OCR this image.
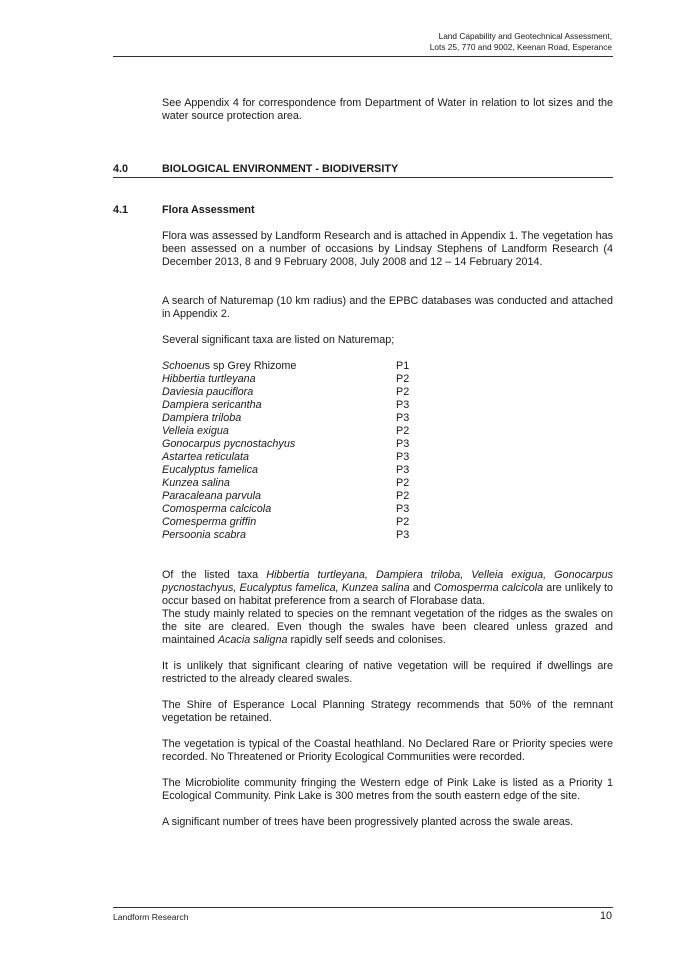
Land Capability and Geotechnical Assessment,
Lots 25, 770 and 9002, Keenan Road, Esperance

See Appendix 4 for correspondence from Department of Water in relation to lot sizes and the water source protection area.

4.0	BIOLOGICAL ENVIRONMENT - BIODIVERSITY
4.1	Flora Assessment

Flora was assessed by Landform Research and is attached in Appendix 1. The vegetation has been assessed on a number of occasions by Lindsay Stephens of Landform Research (4 December 2013, 8 and 9 February 2008, July 2008 and 12 – 14 February 2014.

A search of Naturemap (10 km radius) and the EPBC databases was conducted and attached in Appendix 2.

Several significant taxa are listed on Naturemap;

Schoenus sp Grey Rhizome	P1
Hibbertia turtleyana	P2
Daviesia pauciflora	P2
Dampiera sericantha	P3
Dampiera triloba	P3
Velleia exigua	P2
Gonocarpus pycnostachyus	P3
Astartea reticulata	P3
Eucalyptus famelica	P3
Kunzea salina	P2
Paracaleana parvula	P2
Comosperma calcicola	P3
Comesperma griffin	P2
Persoonia scabra	P3

Of the listed taxa Hibbertia turtleyana, Dampiera triloba, Velleia exigua, Gonocarpus pycnostachyus, Eucalyptus famelica, Kunzea salina and Comosperma calcicola are unlikely to occur based on habitat preference from a search of Florabase data.

The study mainly related to species on the remnant vegetation of the ridges as the swales on the site are cleared. Even though the swales have been cleared unless grazed and maintained Acacia saligna rapidly self seeds and colonises.

It is unlikely that significant clearing of native vegetation will be required if dwellings are restricted to the already cleared swales.

The Shire of Esperance Local Planning Strategy recommends that 50% of the remnant vegetation be retained.

The vegetation is typical of the Coastal heathland. No Declared Rare or Priority species were recorded. No Threatened or Priority Ecological Communities were recorded.

The Microbiolite community fringing the Western edge of Pink Lake is listed as a Priority 1 Ecological Community. Pink Lake is 300 metres from the south eastern edge of the site.

A significant number of trees have been progressively planted across the swale areas.

Landform Research	10
